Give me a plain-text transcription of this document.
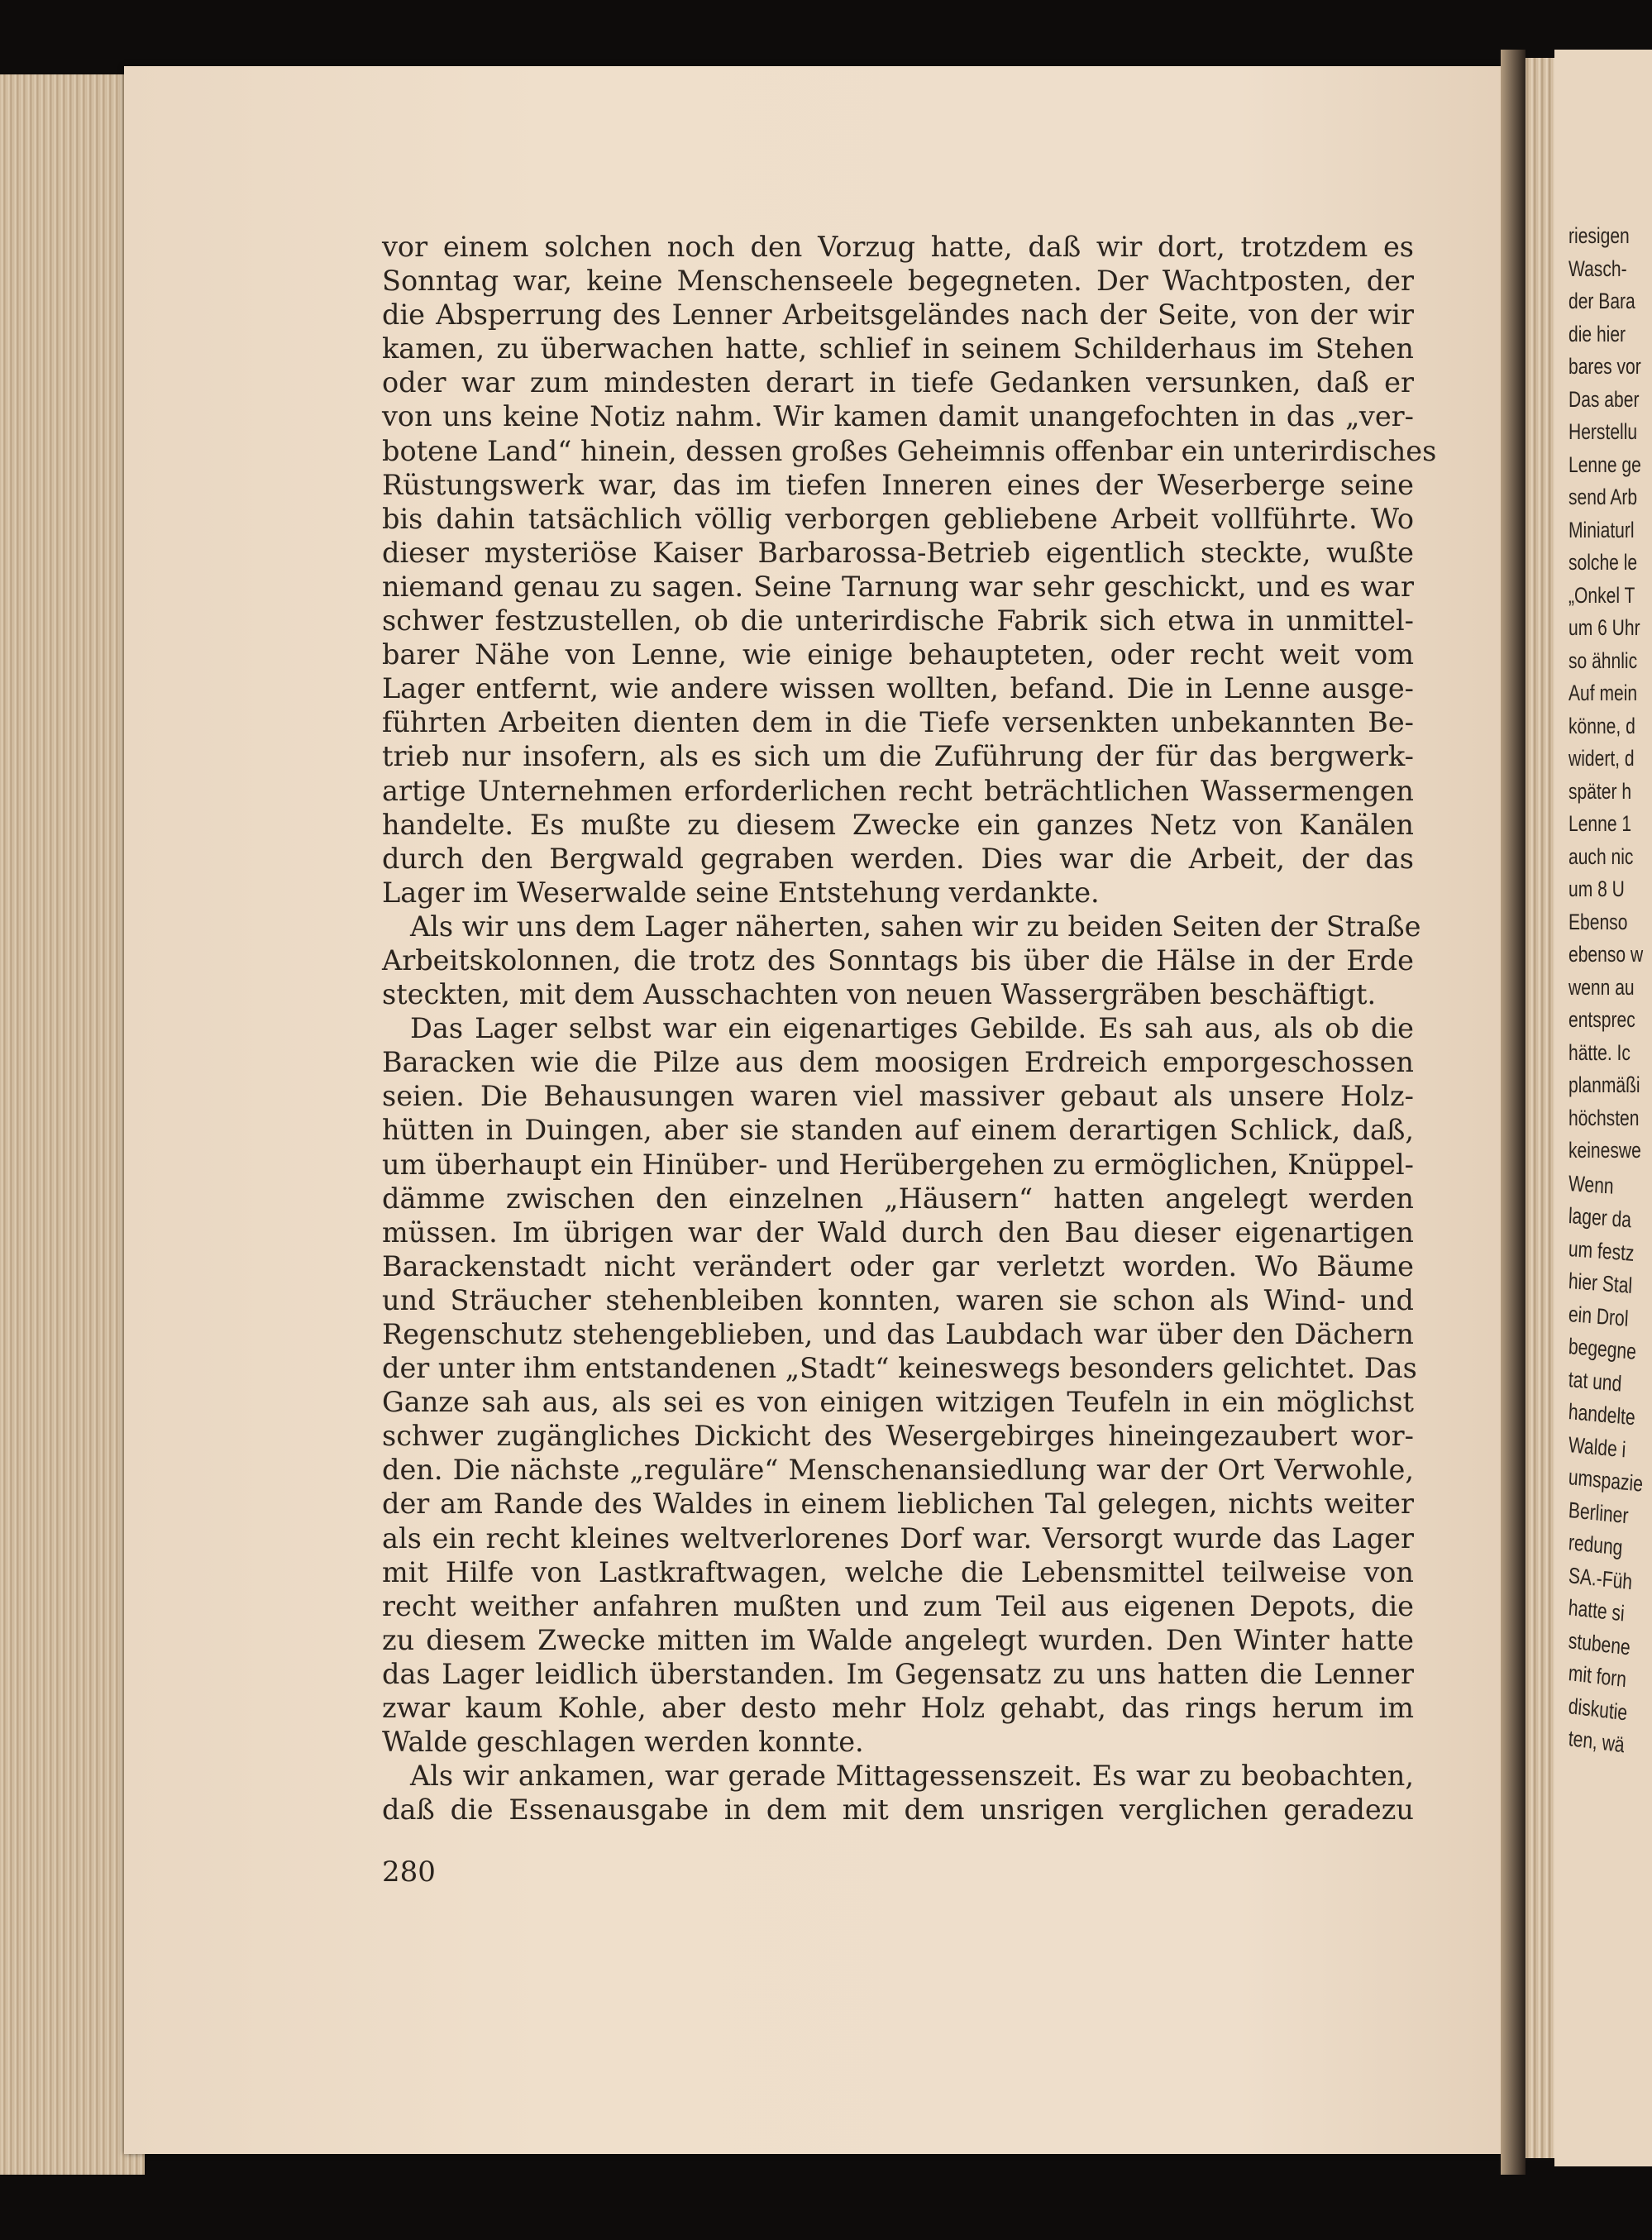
riesigen
Wasch-
der Bara
die hier
bares vor
Das aber
Herstellu
Lenne ge
send Arb
Miniaturl
solche le
„Onkel T
um 6 Uhr
so ähnlic
Auf mein
könne, d
widert, d
später h
Lenne 1
auch nic
um 8 U
Ebenso
ebenso w
wenn au
entsprec
hätte. Ic
planmäßi
höchsten
keineswe
Wenn
lager da
um festz
hier Stal
ein Drol
begegne
tat und
handelte
Walde i
umspazie
Berliner
redung
SA.-Füh
hatte si
stubene
mit forn
diskutie
ten, wä
vor einem solchen noch den Vorzug hatte, daß wir dort, trotzdem es
Sonntag war, keine Menschenseele begegneten. Der Wachtposten, der
die Absperrung des Lenner Arbeitsgeländes nach der Seite, von der wir
kamen, zu überwachen hatte, schlief in seinem Schilderhaus im Stehen
oder war zum mindesten derart in tiefe Gedanken versunken, daß er
von uns keine Notiz nahm. Wir kamen damit unangefochten in das „ver-
botene Land“ hinein, dessen großes Geheimnis offenbar ein unterirdisches
Rüstungswerk war, das im tiefen Inneren eines der Weserberge seine
bis dahin tatsächlich völlig verborgen gebliebene Arbeit vollführte. Wo
dieser mysteriöse Kaiser Barbarossa-Betrieb eigentlich steckte, wußte
niemand genau zu sagen. Seine Tarnung war sehr geschickt, und es war
schwer festzustellen, ob die unterirdische Fabrik sich etwa in unmittel-
barer Nähe von Lenne, wie einige behaupteten, oder recht weit vom
Lager entfernt, wie andere wissen wollten, befand. Die in Lenne ausge-
führten Arbeiten dienten dem in die Tiefe versenkten unbekannten Be-
trieb nur insofern, als es sich um die Zuführung der für das bergwerk-
artige Unternehmen erforderlichen recht beträchtlichen Wassermengen
handelte. Es mußte zu diesem Zwecke ein ganzes Netz von Kanälen
durch den Bergwald gegraben werden. Dies war die Arbeit, der das
Lager im Weserwalde seine Entstehung verdankte.
Als wir uns dem Lager näherten, sahen wir zu beiden Seiten der Straße
Arbeitskolonnen, die trotz des Sonntags bis über die Hälse in der Erde
steckten, mit dem Ausschachten von neuen Wassergräben beschäftigt.
Das Lager selbst war ein eigenartiges Gebilde. Es sah aus, als ob die
Baracken wie die Pilze aus dem moosigen Erdreich emporgeschossen
seien. Die Behausungen waren viel massiver gebaut als unsere Holz-
hütten in Duingen, aber sie standen auf einem derartigen Schlick, daß,
um überhaupt ein Hinüber- und Herübergehen zu ermöglichen, Knüppel-
dämme zwischen den einzelnen „Häusern“ hatten angelegt werden
müssen. Im übrigen war der Wald durch den Bau dieser eigenartigen
Barackenstadt nicht verändert oder gar verletzt worden. Wo Bäume
und Sträucher stehenbleiben konnten, waren sie schon als Wind- und
Regenschutz stehengeblieben, und das Laubdach war über den Dächern
der unter ihm entstandenen „Stadt“ keineswegs besonders gelichtet. Das
Ganze sah aus, als sei es von einigen witzigen Teufeln in ein möglichst
schwer zugängliches Dickicht des Wesergebirges hineingezaubert wor-
den. Die nächste „reguläre“ Menschenansiedlung war der Ort Verwohle,
der am Rande des Waldes in einem lieblichen Tal gelegen, nichts weiter
als ein recht kleines weltverlorenes Dorf war. Versorgt wurde das Lager
mit Hilfe von Lastkraftwagen, welche die Lebensmittel teilweise von
recht weither anfahren mußten und zum Teil aus eigenen Depots, die
zu diesem Zwecke mitten im Walde angelegt wurden. Den Winter hatte
das Lager leidlich überstanden. Im Gegensatz zu uns hatten die Lenner
zwar kaum Kohle, aber desto mehr Holz gehabt, das rings herum im
Walde geschlagen werden konnte.
Als wir ankamen, war gerade Mittagessenszeit. Es war zu beobachten,
daß die Essenausgabe in dem mit dem unsrigen verglichen geradezu
280
